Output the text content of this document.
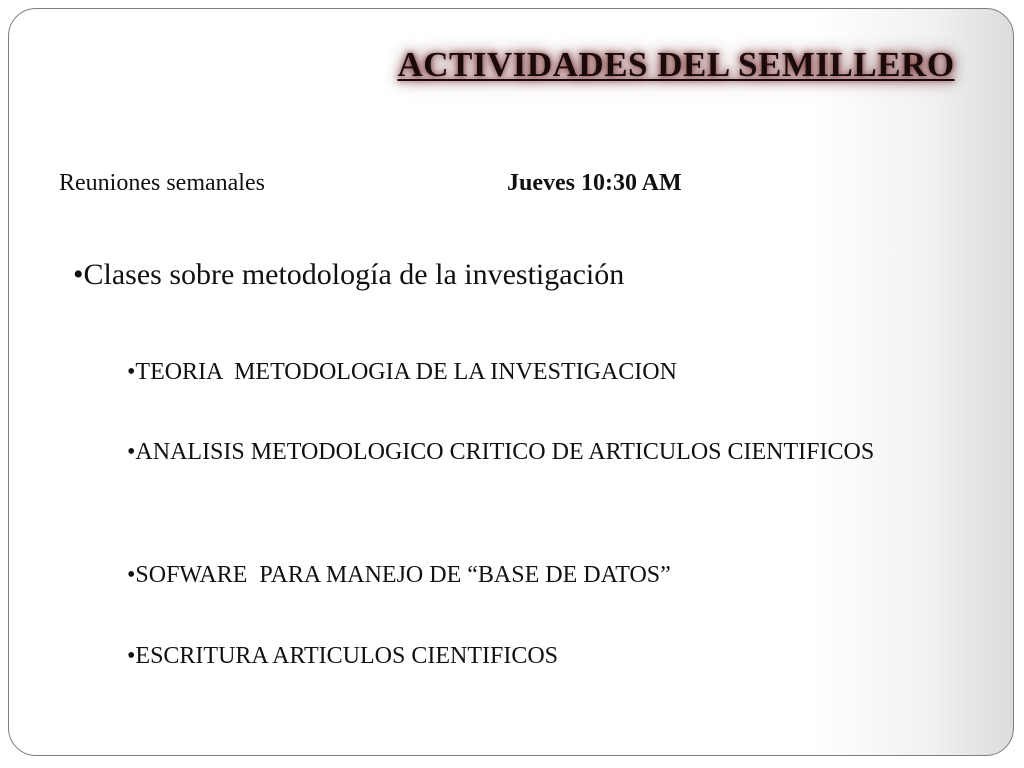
ACTIVIDADES DEL SEMILLERO
Reuniones semanales	Jueves 10:30 AM
•Clases sobre metodología de la investigación
•TEORIA  METODOLOGIA DE LA INVESTIGACION
•ANALISIS METODOLOGICO CRITICO DE ARTICULOS CIENTIFICOS
•SOFWARE  PARA MANEJO DE “BASE DE DATOS”
•ESCRITURA ARTICULOS CIENTIFICOS
